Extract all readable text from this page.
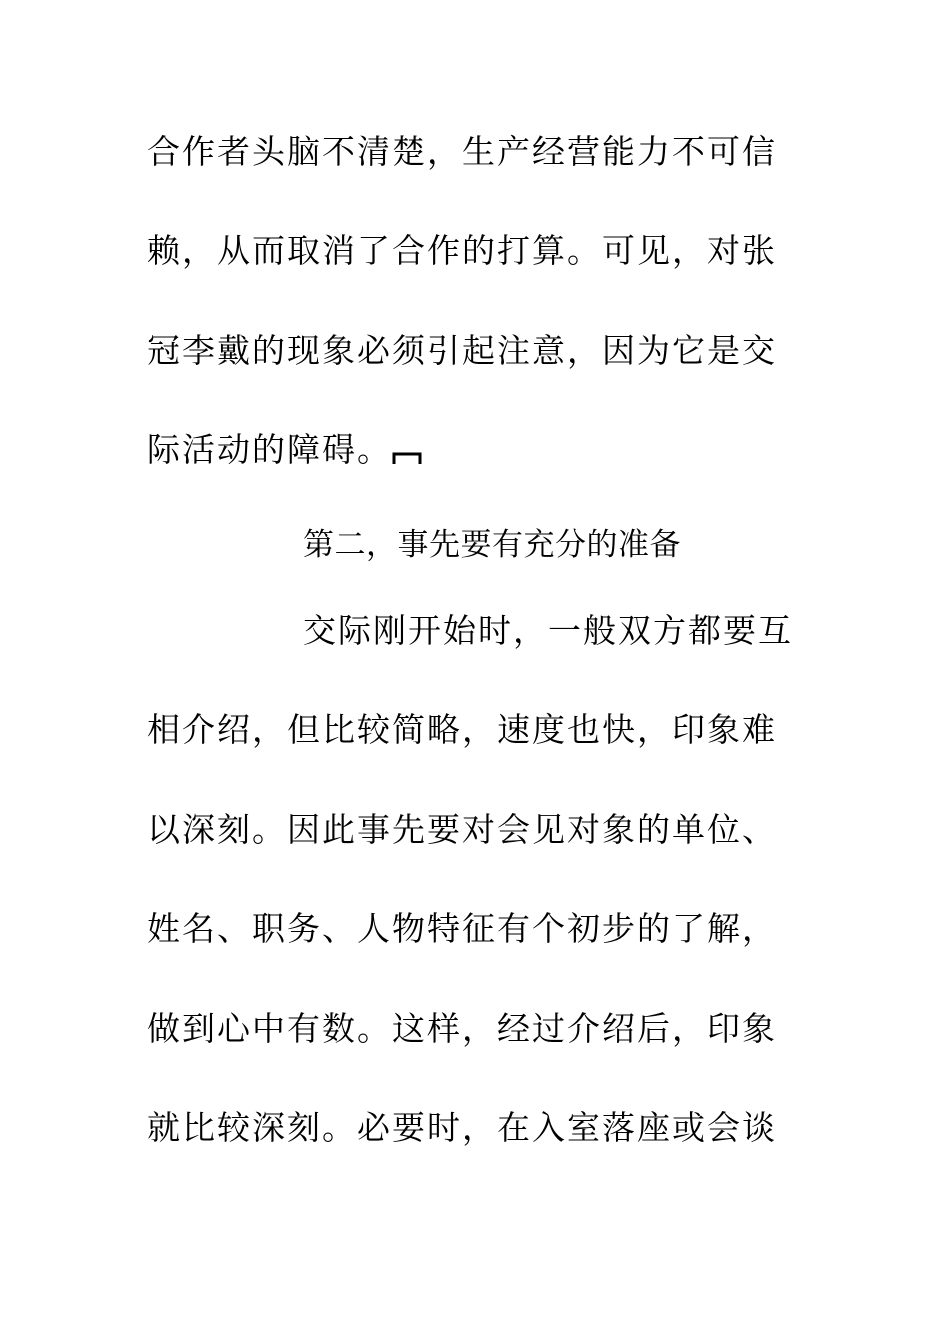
合作者头脑不清楚，生产经营能力不可信
赖，从而取消了合作的打算。可见，对张
冠李戴的现象必须引起注意，因为它是交
际活动的障碍。
第二，事先要有充分的准备
交际刚开始时，一般双方都要互
相介绍，但比较简略，速度也快，印象难
以深刻。因此事先要对会见对象的单位、
姓名、职务、人物特征有个初步的了解，
做到心中有数。这样，经过介绍后，印象
就比较深刻。必要时，在入室落座或会谈
